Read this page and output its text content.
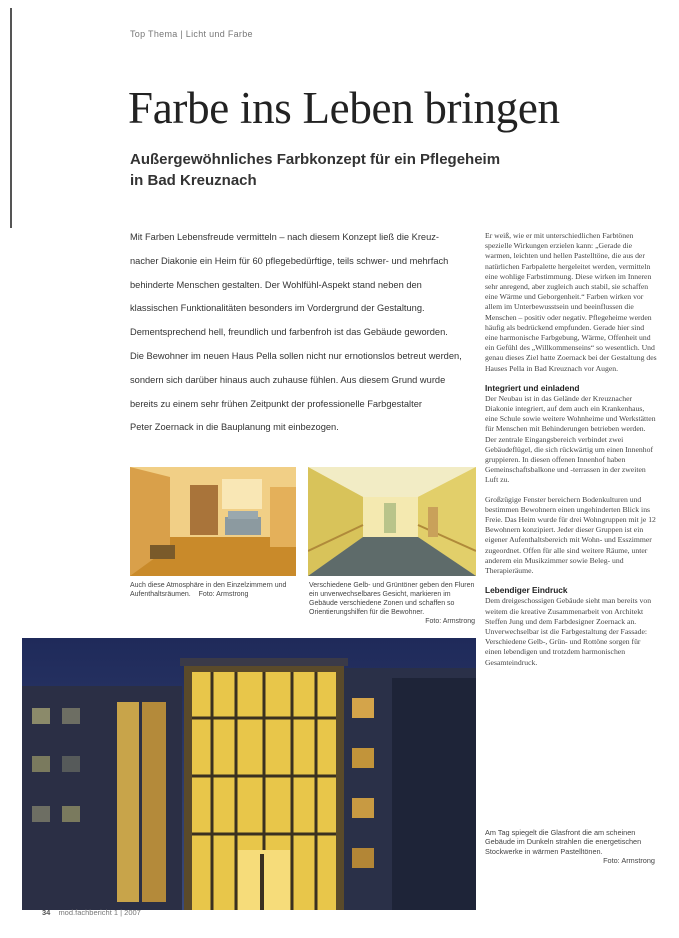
Top Thema | Licht und Farbe
Farbe ins Leben bringen
Außergewöhnliches Farbkonzept für ein Pflegeheim in Bad Kreuznach

Mit Farben Lebensfreude vermitteln – nach diesem Konzept ließ die Kreuz-

nacher Diakonie ein Heim für 60 pflegebedürftige, teils schwer- und mehrfach

behinderte Menschen gestalten. Der Wohlfühl-Aspekt stand neben den

klassischen Funktionalitäten besonders im Vordergrund der Gestaltung.

Dementsprechend hell, freundlich und farbenfroh ist das Gebäude geworden.

Die Bewohner im neuen Haus Pella sollen nicht nur ernotionslos betreut werden,

sondern sich darüber hinaus auch zuhause fühlen. Aus diesem Grund wurde

bereits zu einem sehr frühen Zeitpunkt der professionelle Farbgestalter

Peter Zoernack in die Bauplanung mit einbezogen.

Er weiß, wie er mit unterschiedlichen Farbtönen spezielle Wirkungen erzielen kann: „Gerade die warmen, leichten und hellen Pastelltöne, die aus der natürlichen Farbpalette hergeleitet werden, vermitteln eine wohlige Farbstimmung. Diese wirken im Inneren sehr anregend, aber zugleich auch stabil, sie schaffen eine Wärme und Geborgenheit.“ Farben wirken vor allem im Unterbewusstsein und beeinflussen die Menschen – positiv oder negativ. Pflegeheime werden häufig als bedrückend empfunden. Gerade hier sind eine harmonische Farbgebung, Wärme, Offenheit und ein Gefühl des „Willkommenseins“ so wesentlich. Und genau dieses Ziel hatte Zoernack bei der Gestaltung des Hauses Pella in Bad Kreuznach vor Augen.

Integriert und einladend

Der Neubau ist in das Gelände der Kreuznacher Diakonie integriert, auf dem auch ein Krankenhaus, eine Schule sowie weitere Wohnheime und Werkstätten für Menschen mit Behinderungen betrieben werden. Der zentrale Eingangsbereich verbindet zwei Gebäudeflügel, die sich rückwärtig um einen Innenhof gruppieren. In diesen offenen Innenhof haben Gemeinschaftsbalkone und -terrassen in der zweiten Luft zu.

Großzügige Fenster bereichern Bodenkulturen und bestimmen Bewohnern einen ungehinderten Blick ins Freie. Das Heim wurde für drei Wohngruppen mit je 12 Bewohnern konzipiert. Jeder dieser Gruppen ist ein eigener Aufenthaltsbereich mit Wohn- und Esszimmer zugeordnet. Offen für alle sind weitere Räume, unter anderem ein Musikzimmer sowie Beleg- und Therapieräume.

Lebendiger Eindruck

Dem dreigeschossigen Gebäude sieht man bereits von weitem die kreative Zusammenarbeit von Architekt Steffen Jung und dem Farbdesigner Zoernack an. Unverwechselbar ist die Farbgestaltung der Fassade: Verschiedene Gelb-, Grün- und Rottöne sorgen für einen lebendigen und trotzdem harmonischen Gesamteindruck.

Auch diese Atmosphäre in den Einzelzimmern und Aufenthaltsräumen. Foto: Armstrong
Verschiedene Gelb- und Grüntöner geben den Fluren ein unverwechselbares Gesicht, markieren im Gebäude verschiedene Zonen und schaffen so Orientierungshilfen für die Bewohner.
Foto: Armstrong
Am Tag spiegelt die Glasfront die am scheinen Gebäude im Dunkeln strahlen die energetischen Stockwerke in wärmen Pastelltönen.
Foto: Armstrong
34 mod.fachbericht 1 | 2007
